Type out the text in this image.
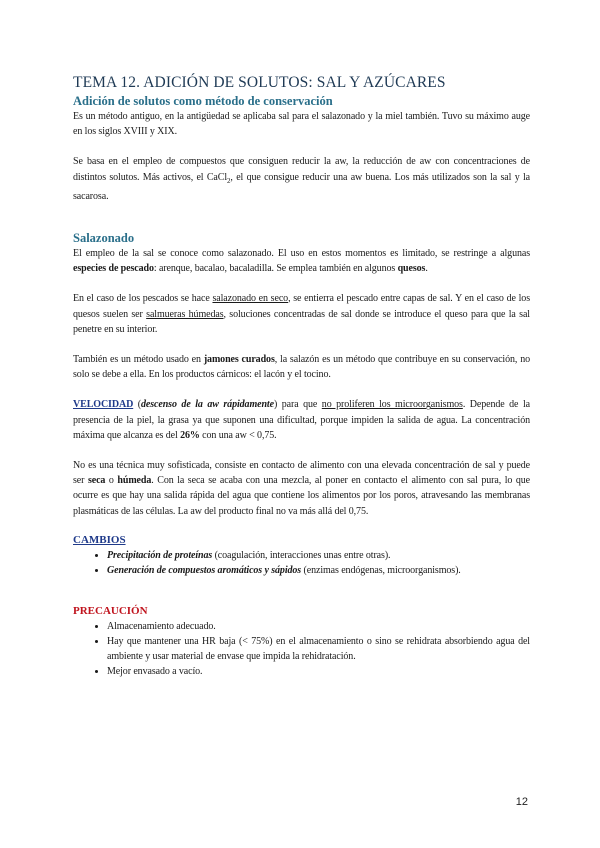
TEMA 12. ADICIÓN DE SOLUTOS: SAL Y AZÚCARES
Adición de solutos como método de conservación

Es un método antiguo, en la antigüedad se aplicaba sal para el salazonado y la miel también. Tuvo su máximo auge en los siglos XVIII y XIX.

Se basa en el empleo de compuestos que consiguen reducir la aw, la reducción de aw con concentraciones de distintos solutos. Más activos, el CaCl$_2$, el que consigue reducir una aw buena. Los más utilizados son la sal y la sacarosa.

Salazonado

El empleo de la sal se conoce como salazonado. El uso en estos momentos es limitado, se restringe a algunas especies de pescado: arenque, bacalao, bacaladilla. Se emplea también en algunos quesos.

En el caso de los pescados se hace salazonado en seco, se entierra el pescado entre capas de sal. Y en el caso de los quesos suelen ser salmueras húmedas, soluciones concentradas de sal donde se introduce el queso para que la sal penetre en su interior.

También es un método usado en jamones curados, la salazón es un método que contribuye en su conservación, no solo se debe a ella. En los productos cárnicos: el lacón y el tocino.

VELOCIDAD (descenso de la aw rápidamente) para que no proliferen los microorganismos. Depende de la presencia de la piel, la grasa ya que suponen una dificultad, porque impiden la salida de agua. La concentración máxima que alcanza es del 26% con una aw < 0,75.

No es una técnica muy sofisticada, consiste en contacto de alimento con una elevada concentración de sal y puede ser seca o húmeda. Con la seca se acaba con una mezcla, al poner en contacto el alimento con sal pura, lo que ocurre es que hay una salida rápida del agua que contiene los alimentos por los poros, atravesando las membranas plasmáticas de las células. La aw del producto final no va más allá del 0,75.

CAMBIOS
• Precipitación de proteínas (coagulación, interacciones unas entre otras).
• Generación de compuestos aromáticos y sápidos (enzimas endógenas, microorganismos).
PRECAUCIÓN
• Almacenamiento adecuado.
• Hay que mantener una HR baja (< 75%) en el almacenamiento o sino se rehidrata absorbiendo agua del ambiente y usar material de envase que impida la rehidratación.
• Mejor envasado a vacío.
12
